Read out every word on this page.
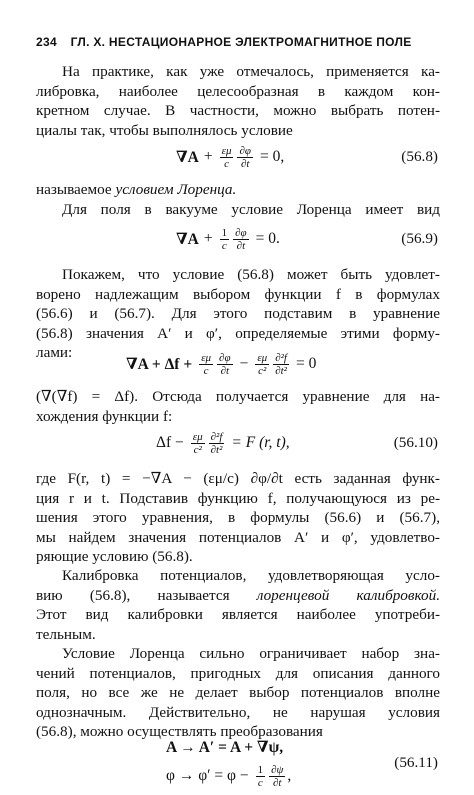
234 ГЛ. X. НЕСТАЦИОНАРНОЕ ЭЛЕКТРОМАГНИТНОЕ ПОЛЕ
На практике, как уже отмечалось, применяется ка-
либровка, наиболее целесообразная в каждом кон-
кретном случае. В частности, можно выбрать потен-
циалы так, чтобы выполнялось условие
$\nabla A + \frac{\varepsilon\mu}{c} \frac{\partial\varphi}{\partial t} = 0$,	(56.8)
называемое условием Лоренца.
Для поля в вакууме условие Лоренца имеет вид
$\nabla A + \frac{1}{c} \frac{\partial\varphi}{\partial t} = 0$.	(56.9)
Покажем, что условие (56.8) может быть удовлет-
ворено надлежащим выбором функции f в формулах
(56.6) и (56.7). Для этого подставим в уравнение
(56.8) значения A′ и φ′, определяемые этими форму-
лами:
$\nabla A + \Delta f + \frac{\varepsilon\mu}{c} \frac{\partial\varphi}{\partial t} - \frac{\varepsilon\mu}{\text{c²}} \frac{\text{∂²f}}{\text{∂t²}} = 0$
(∇(∇f) = Δf). Отсюда получается уравнение для на-
хождения функции f:
$\Delta f - \frac{\varepsilon\mu}{\text{c²}} \frac{\text{∂²f}}{\text{∂t²}} = F$ (r, t),	(56.10)
где F(r, t) = −∇A − (εμ/c) ∂φ/∂t есть заданная функ-
ция r и t. Подставив функцию f, получающуюся из ре-
шения этого уравнения, в формулы (56.6) и (56.7),
мы найдем значения потенциалов A′ и φ′, удовлетво-
ряющие условию (56.8).
Калибровка потенциалов, удовлетворяющая усло-
вию (56.8), называется лоренцевой калибровкой.
Этот вид калибровки является наиболее употреби-
тельным.
Условие Лоренца сильно ограничивает набор зна-
чений потенциалов, пригодных для описания данного
поля, но все же не делает выбор потенциалов вполне
однозначным. Действительно, не нарушая условия
(56.8), можно осуществлять преобразования
A → A′ = A + ∇ψ,
$\varphi \to \varphi' = \varphi - \frac{1}{c} \frac{\partial\psi}{\partial t}$ ,
(56.11)
